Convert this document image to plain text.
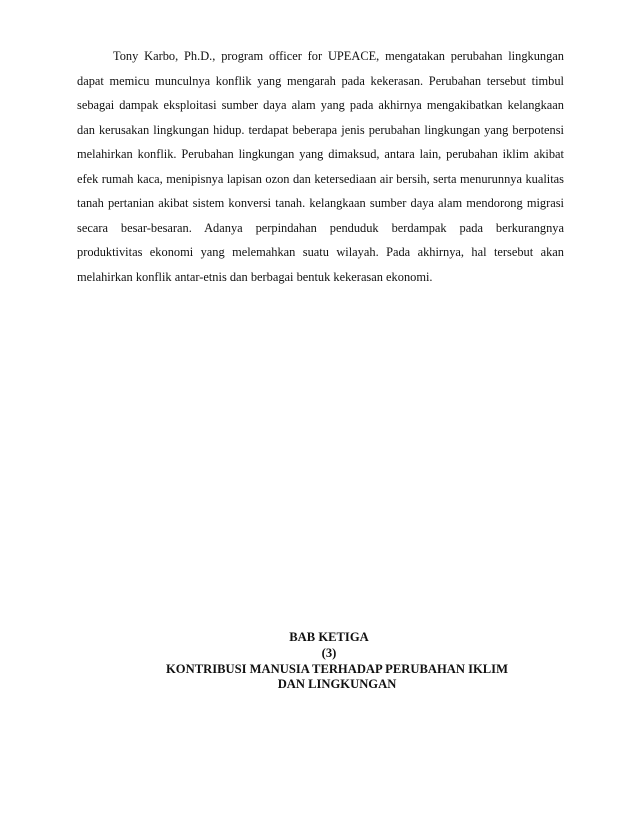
Tony Karbo, Ph.D., program officer for UPEACE, mengatakan perubahan lingkungan
dapat memicu munculnya konflik yang mengarah pada kekerasan. Perubahan tersebut timbul
sebagai dampak eksploitasi sumber daya alam yang pada akhirnya mengakibatkan kelangkaan
dan kerusakan lingkungan hidup. terdapat beberapa jenis perubahan lingkungan yang berpotensi
melahirkan konflik. Perubahan lingkungan yang dimaksud, antara lain, perubahan iklim akibat
efek rumah kaca, menipisnya lapisan ozon dan ketersediaan air bersih, serta menurunnya kualitas
tanah pertanian akibat sistem konversi tanah. kelangkaan sumber daya alam mendorong migrasi
secara besar-besaran. Adanya perpindahan penduduk berdampak pada berkurangnya
produktivitas ekonomi yang melemahkan suatu wilayah. Pada akhirnya, hal tersebut akan
melahirkan konflik antar-etnis dan berbagai bentuk kekerasan ekonomi.
BAB KETIGA
(3)
KONTRIBUSI MANUSIA TERHADAP PERUBAHAN IKLIM
DAN LINGKUNGAN
